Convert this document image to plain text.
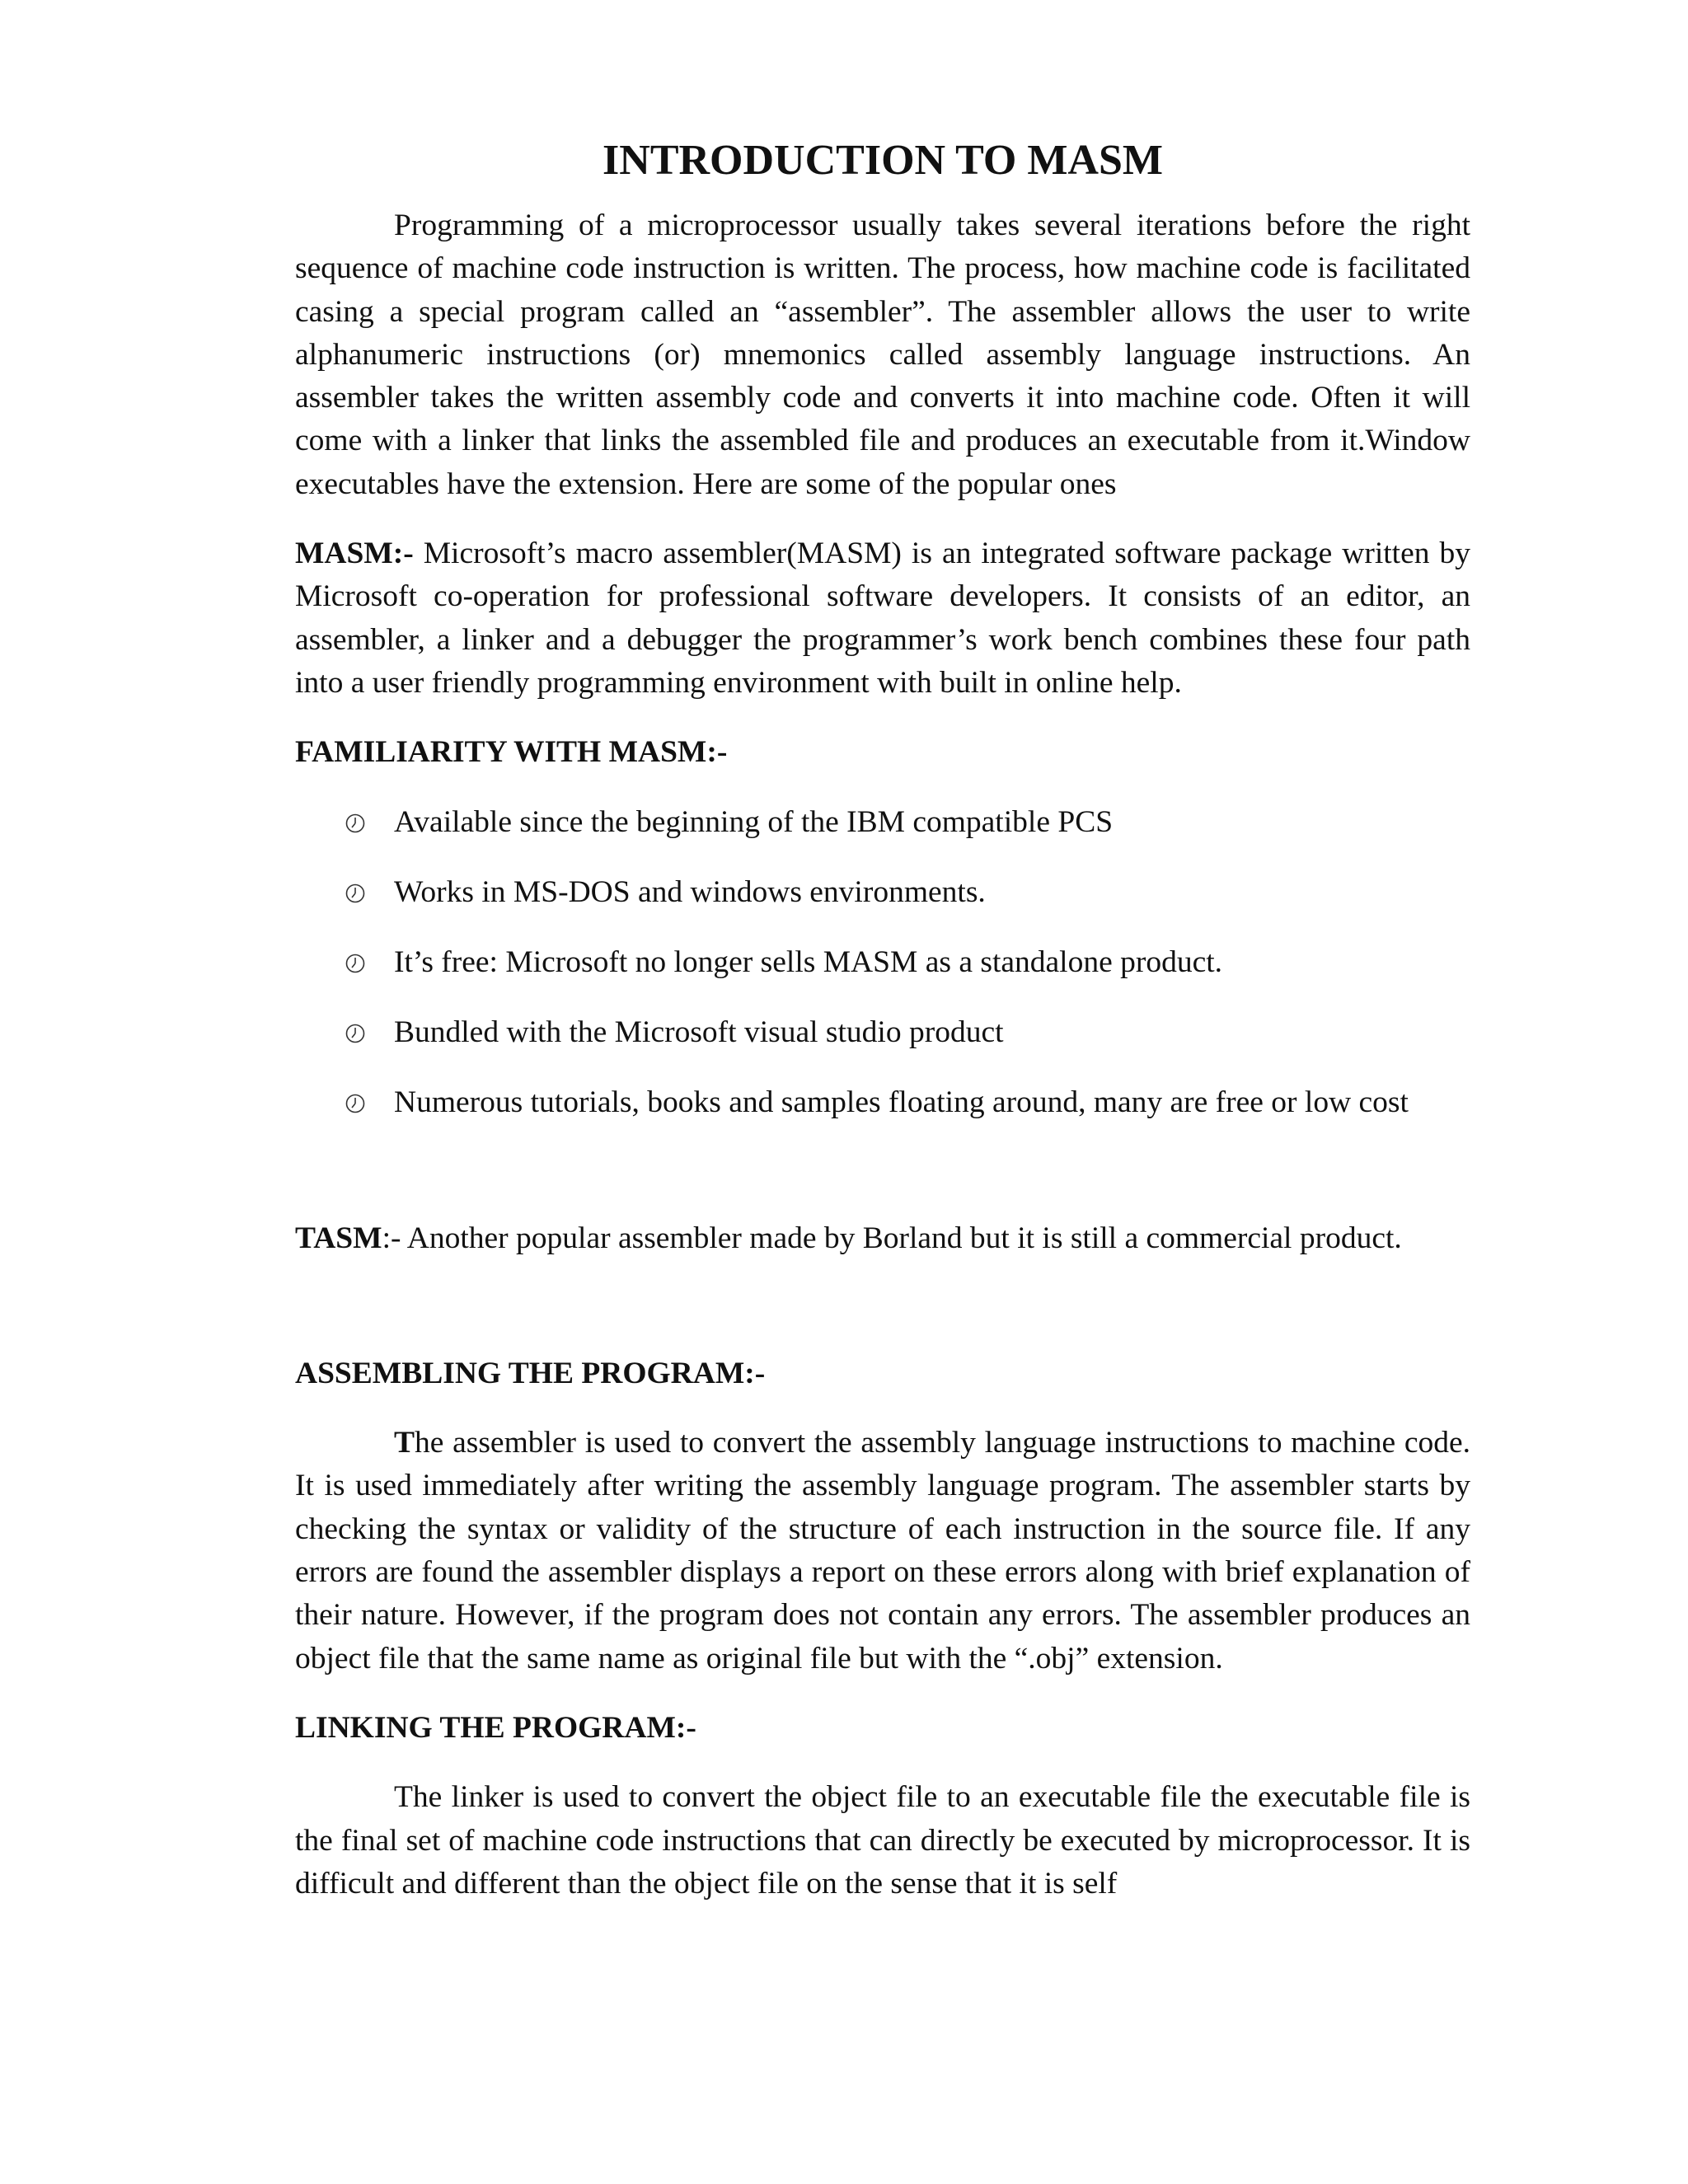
INTRODUCTION TO MASM

Programming of a microprocessor usually takes several iterations before the right sequence of machine code instruction is written. The process, how machine code is facilitated casing a special program called an “assembler”. The assembler allows the user to write alphanumeric instructions (or) mnemonics called assembly language instructions. An assembler takes the written assembly code and converts it into machine code. Often it will come with a linker that links the assembled file and produces an executable from it.Window executables have the extension. Here are some of the popular ones

MASM:- Microsoft’s macro assembler(MASM) is an integrated software package written by Microsoft co-operation for professional software developers. It consists of an editor, an assembler, a linker and a debugger the programmer’s work bench combines these four path into a user friendly programming environment with built in online help.

FAMILIARITY WITH MASM:-

Available since the beginning of the IBM compatible PCS
Works in MS-DOS and windows environments.
It’s free: Microsoft no longer sells MASM as a standalone product.
Bundled with the Microsoft visual studio product
Numerous tutorials, books and samples floating around, many are free or low cost

TASM:- Another popular assembler made by Borland but it is still a commercial product.

ASSEMBLING THE PROGRAM:-

The assembler is used to convert the assembly language instructions to machine code. It is used immediately after writing the assembly language program. The assembler starts by checking the syntax or validity of the structure of each instruction in the source file. If any errors are found the assembler displays a report on these errors along with brief explanation of their nature. However, if the program does not contain any errors. The assembler produces an object file that the same name as original file but with the “.obj” extension.

LINKING THE PROGRAM:-

The linker is used to convert the object file to an executable file the executable file is the final set of machine code instructions that can directly be executed by microprocessor. It is difficult and different than the object file on the sense that it is self
